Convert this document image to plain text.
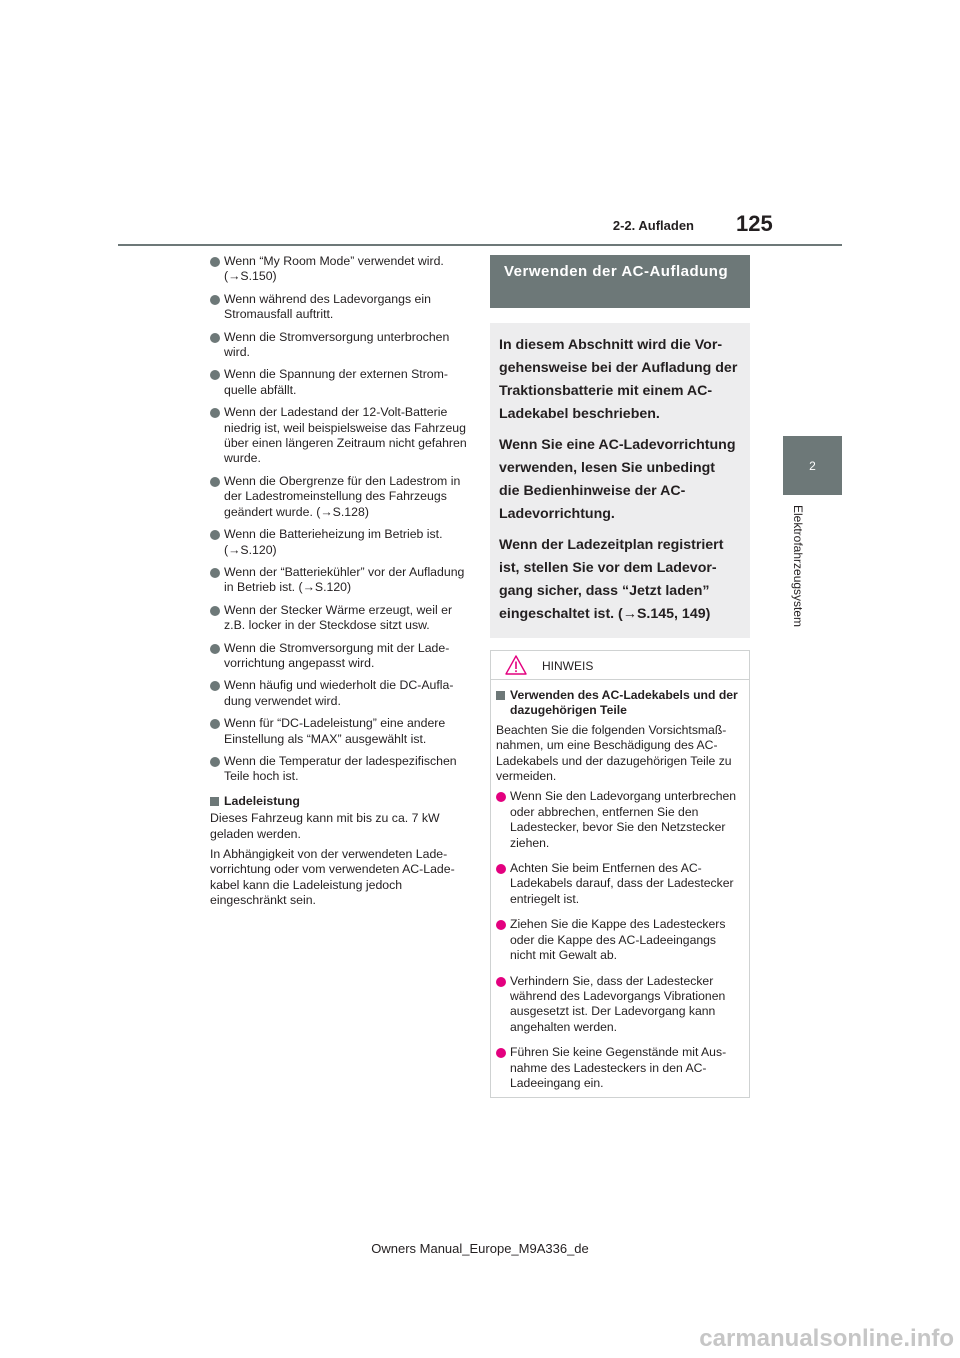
2-2. Aufladen 125
2
Elektrofahrzeugsystem
Wenn “My Room Mode” verwendet wird. (→S.150)
Wenn während des Ladevorgangs ein Stromausfall auftritt.
Wenn die Stromversorgung unterbrochen wird.
Wenn die Spannung der externen Stromquelle abfällt.
Wenn der Ladestand der 12-Volt-Batterie niedrig ist, weil beispielsweise das Fahrzeug über einen längeren Zeitraum nicht gefahren wurde.
Wenn die Obergrenze für den Ladestrom in der Ladestromeinstellung des Fahrzeugs geändert wurde. (→S.128)
Wenn die Batterieheizung im Betrieb ist. (→S.120)
Wenn der “Batteriekühler” vor der Aufladung in Betrieb ist. (→S.120)
Wenn der Stecker Wärme erzeugt, weil er z.B. locker in der Steckdose sitzt usw.
Wenn die Stromversorgung mit der Ladevorrichtung angepasst wird.
Wenn häufig und wiederholt die DC-Aufladung verwendet wird.
Wenn für “DC-Ladeleistung” eine andere Einstellung als “MAX” ausgewählt ist.
Wenn die Temperatur der ladespezifischen Teile hoch ist.
Ladeleistung
Dieses Fahrzeug kann mit bis zu ca. 7 kW geladen werden.
In Abhängigkeit von der verwendeten Ladevorrichtung oder vom verwendeten AC-Ladekabel kann die Ladeleistung jedoch eingeschränkt sein.
Verwenden der AC-Aufladung

In diesem Abschnitt wird die Vorgehensweise bei der Aufladung der Traktionsbatterie mit einem AC-Ladekabel beschrieben.

Wenn Sie eine AC-Ladevorrichtung verwenden, lesen Sie unbedingt die Bedienhinweise der AC-Ladevorrichtung.

Wenn der Ladezeitplan registriert ist, stellen Sie vor dem Ladevorgang sicher, dass “Jetzt laden” eingeschaltet ist. (→S.145, 149)

HINWEIS
Verwenden des AC-Ladekabels und der dazugehörigen Teile
Beachten Sie die folgenden Vorsichtsmaßnahmen, um eine Beschädigung des AC-Ladekabels und der dazugehörigen Teile zu vermeiden.
Wenn Sie den Ladevorgang unterbrechen oder abbrechen, entfernen Sie den Ladestecker, bevor Sie den Netzstecker ziehen.
Achten Sie beim Entfernen des AC-Ladekabels darauf, dass der Ladestecker entriegelt ist.
Ziehen Sie die Kappe des Ladesteckers oder die Kappe des AC-Ladeeingangs nicht mit Gewalt ab.
Verhindern Sie, dass der Ladestecker während des Ladevorgangs Vibrationen ausgesetzt ist. Der Ladevorgang kann angehalten werden.
Führen Sie keine Gegenstände mit Ausnahme des Ladesteckers in den AC-Ladeeingang ein.
Owners Manual_Europe_M9A336_de
carmanualsonline.info
